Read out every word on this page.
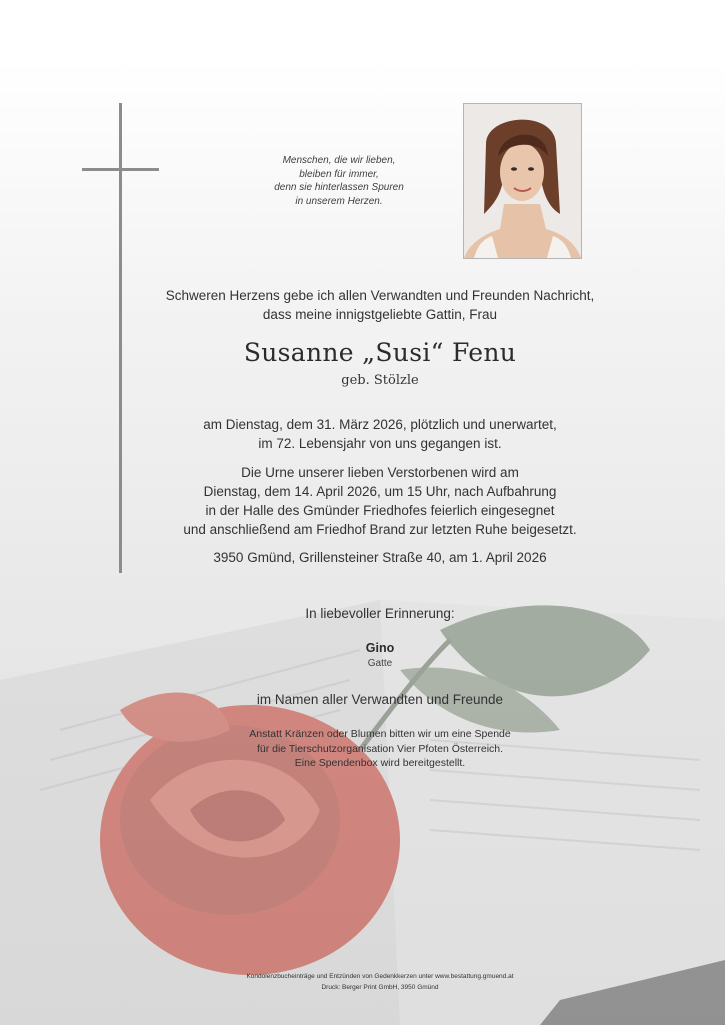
Menschen, die wir lieben,
bleiben für immer,
denn sie hinterlassen Spuren
in unserem Herzen.
Schweren Herzens gebe ich allen Verwandten und Freunden Nachricht,
dass meine innigstgeliebte Gattin, Frau
Susanne „Susi“ Fenu
geb. Stölzle
am Dienstag, dem 31. März 2026, plötzlich und unerwartet,
im 72. Lebensjahr von uns gegangen ist.
Die Urne unserer lieben Verstorbenen wird am
Dienstag, dem 14. April 2026, um 15 Uhr, nach Aufbahrung
in der Halle des Gmünder Friedhofes feierlich eingesegnet
und anschließend am Friedhof Brand zur letzten Ruhe beigesetzt.
3950 Gmünd, Grillensteiner Straße 40, am 1. April 2026
In liebevoller Erinnerung:
Gino
Gatte
im Namen aller Verwandten und Freunde
Anstatt Kränzen oder Blumen bitten wir um eine Spende
für die Tierschutzorganisation Vier Pfoten Österreich.
Eine Spendenbox wird bereitgestellt.
Kondolenzbucheinträge und Entzünden von Gedenkkerzen unter www.bestattung.gmuend.at
Druck: Berger Print GmbH, 3950 Gmünd
